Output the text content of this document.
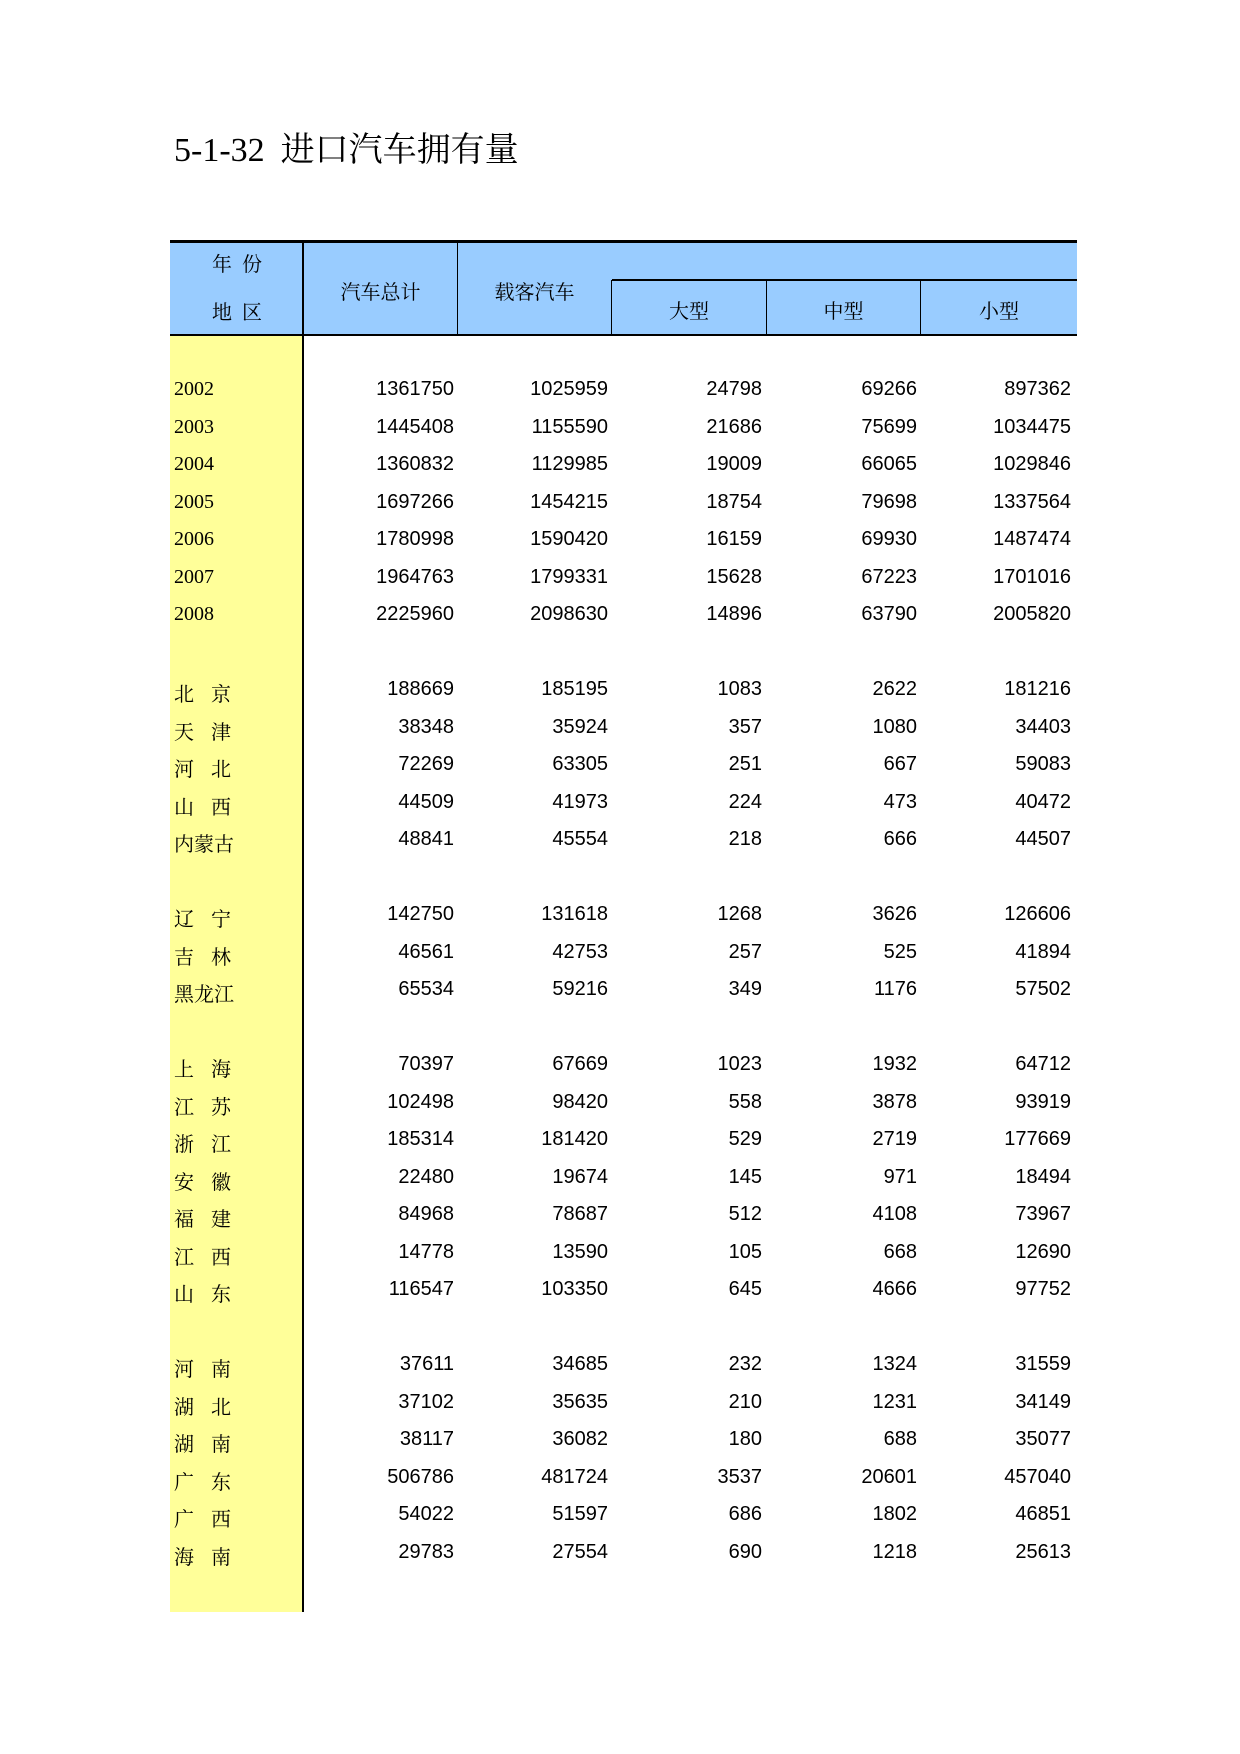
5-1-32 进口汽车拥有量
年  份
地  区
汽车总计	载客汽车
大型	中型	小型
2002	1361750	1025959	24798	69266	897362
2003	1445408	1155590	21686	75699	1034475
2004	1360832	1129985	19009	66065	1029846
2005	1697266	1454215	18754	79698	1337564
2006	1780998	1590420	16159	69930	1487474
2007	1964763	1799331	15628	67223	1701016
2008	2225960	2098630	14896	63790	2005820
北 京	188669	185195	1083	2622	181216
天 津	38348	35924	357	1080	34403
河 北	72269	63305	251	667	59083
山 西	44509	41973	224	473	40472
内蒙古	48841	45554	218	666	44507
辽 宁	142750	131618	1268	3626	126606
吉 林	46561	42753	257	525	41894
黑龙江	65534	59216	349	1176	57502
上 海	70397	67669	1023	1932	64712
江 苏	102498	98420	558	3878	93919
浙 江	185314	181420	529	2719	177669
安 徽	22480	19674	145	971	18494
福 建	84968	78687	512	4108	73967
江 西	14778	13590	105	668	12690
山 东	116547	103350	645	4666	97752
河 南	37611	34685	232	1324	31559
湖 北	37102	35635	210	1231	34149
湖 南	38117	36082	180	688	35077
广 东	506786	481724	3537	20601	457040
广 西	54022	51597	686	1802	46851
海 南	29783	27554	690	1218	25613
